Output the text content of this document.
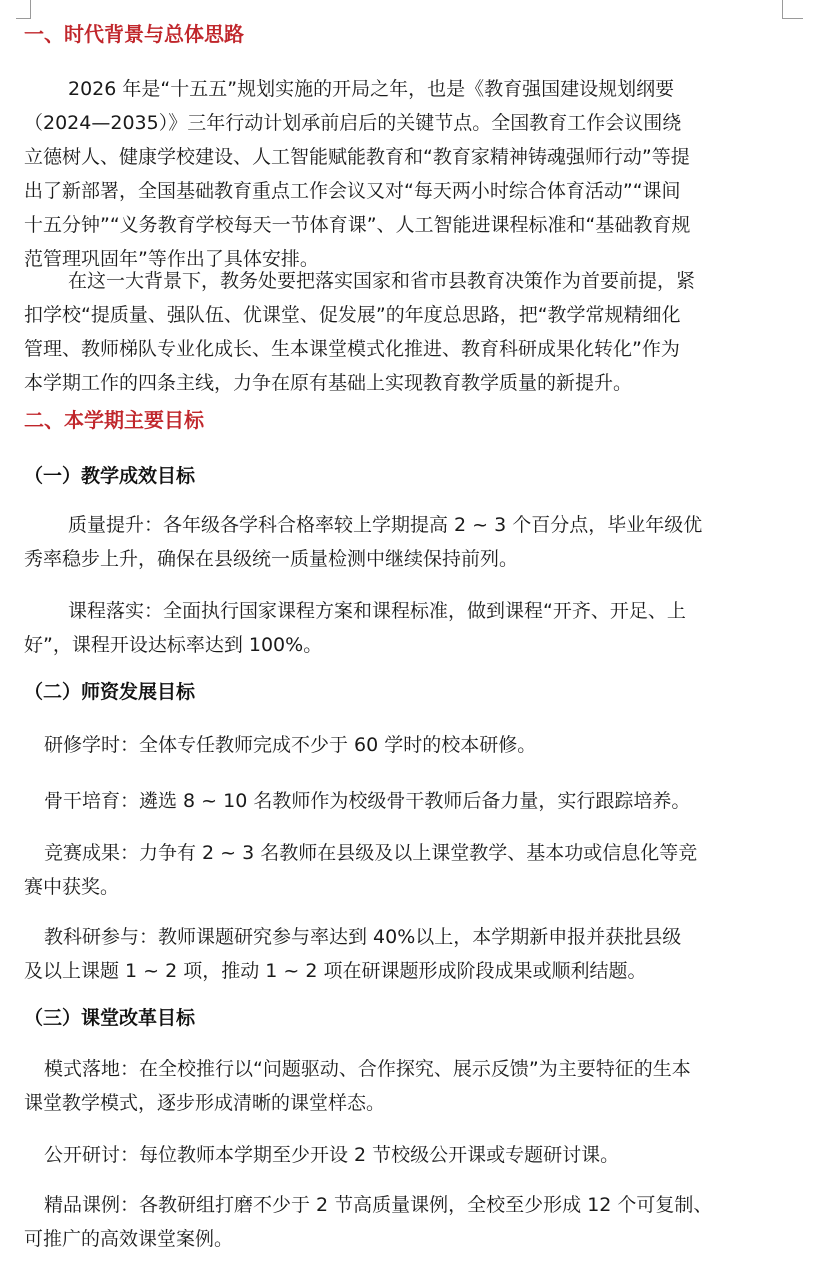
一、时代背景与总体思路
2026 年是“十五五”规划实施的开局之年，也是《教育强国建设规划纲要
（2024—2035）》三年行动计划承前启后的关键节点。全国教育工作会议围绕
立德树人、健康学校建设、人工智能赋能教育和“教育家精神铸魂强师行动”等提
出了新部署，全国基础教育重点工作会议又对“每天两小时综合体育活动”“课间
十五分钟”“义务教育学校每天一节体育课”、人工智能进课程标准和“基础教育规
范管理巩固年”等作出了具体安排。
在这一大背景下，教务处要把落实国家和省市县教育决策作为首要前提，紧
扣学校“提质量、强队伍、优课堂、促发展”的年度总思路，把“教学常规精细化
管理、教师梯队专业化成长、生本课堂模式化推进、教育科研成果化转化”作为
本学期工作的四条主线，力争在原有基础上实现教育教学质量的新提升。
二、本学期主要目标
（一）教学成效目标
质量提升：各年级各学科合格率较上学期提高 2 ~ 3 个百分点，毕业年级优
秀率稳步上升，确保在县级统一质量检测中继续保持前列。
课程落实：全面执行国家课程方案和课程标准，做到课程“开齐、开足、上
好”，课程开设达标率达到 100%。
（二）师资发展目标
研修学时：全体专任教师完成不少于 60 学时的校本研修。
骨干培育：遴选 8 ~ 10 名教师作为校级骨干教师后备力量，实行跟踪培养。
竞赛成果：力争有 2 ~ 3 名教师在县级及以上课堂教学、基本功或信息化等竞
赛中获奖。
教科研参与：教师课题研究参与率达到 40%以上，本学期新申报并获批县级
及以上课题 1 ~ 2 项，推动 1 ~ 2 项在研课题形成阶段成果或顺利结题。
（三）课堂改革目标
模式落地：在全校推行以“问题驱动、合作探究、展示反馈”为主要特征的生本
课堂教学模式，逐步形成清晰的课堂样态。
公开研讨：每位教师本学期至少开设 2 节校级公开课或专题研讨课。
精品课例：各教研组打磨不少于 2 节高质量课例，全校至少形成 12 个可复制、
可推广的高效课堂案例。
